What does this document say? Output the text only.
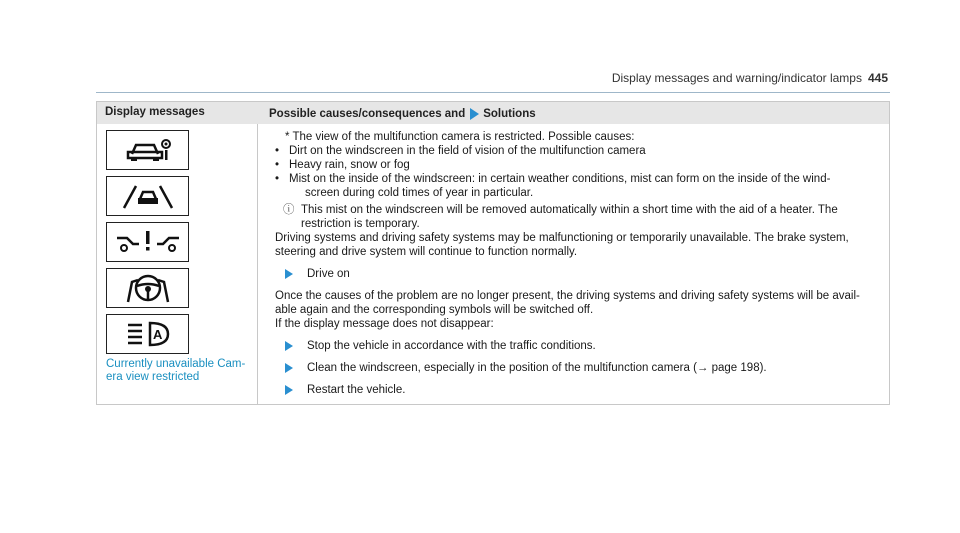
Display messages and warning/indicator lamps 445
Display messages	Possible causes/consequences and Solutions
A
Currently unavailable Cam- era view restricted

* The view of the multifunction camera is restricted. Possible causes:

• Dirt on the windscreen in the field of vision of the multifunction camera

• Heavy rain, snow or fog

• Mist on the inside of the windscreen: in certain weather conditions, mist can form on the inside of the wind-

screen during cold times of year in particular.

ⓘ This mist on the windscreen will be removed automatically within a short time with the aid of a heater. The

restriction is temporary.

Driving systems and driving safety systems may be malfunctioning or temporarily unavailable. The brake system,

steering and drive system will continue to function normally.

Drive on

Once the causes of the problem are no longer present, the driving systems and driving safety systems will be avail-

able again and the corresponding symbols will be switched off.

If the display message does not disappear:

Stop the vehicle in accordance with the traffic conditions.
Clean the windscreen, especially in the position of the multifunction camera (→ page 198).
Restart the vehicle.
